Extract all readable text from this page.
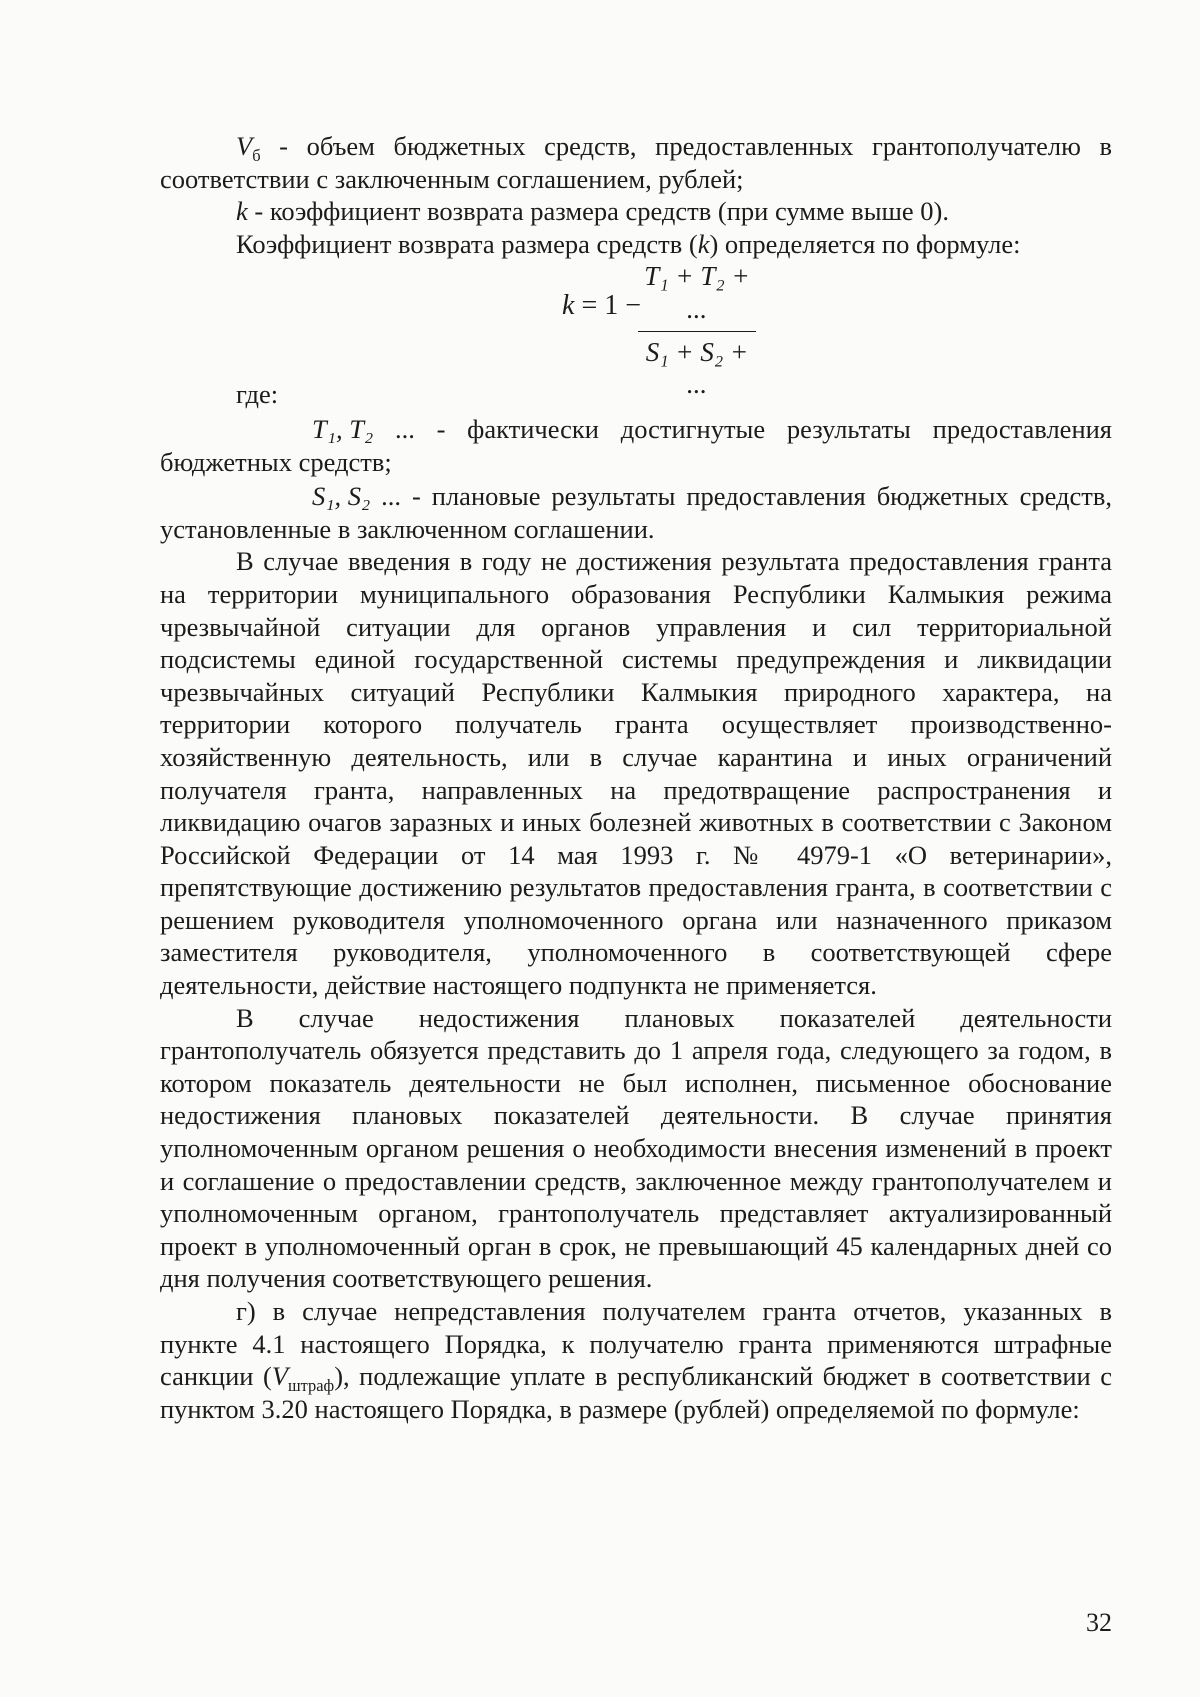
$V_б$ - объем бюджетных средств, предоставленных грантополучателю в соответствии с заключенным соглашением, рублей;

k - коэффициент возврата размера средств (при сумме выше 0).

Коэффициент возврата размера средств (k) определяется по формуле:

k = 1 −
T₁ + T₂ + ...
S₁ + S₂ + ...

где:

T₁, T₂ ... - фактически достигнутые результаты предоставления бюджетных средств;

S₁, S₂ ... - плановые результаты предоставления бюджетных средств, установленные в заключенном соглашении.

В случае введения в году не достижения результата предоставления гранта на территории муниципального образования Республики Калмыкия режима чрезвычайной ситуации для органов управления и сил территориальной подсистемы единой государственной системы предупреждения и ликвидации чрезвычайных ситуаций Республики Калмыкия природного характера, на территории которого получатель гранта осуществляет производственно-хозяйственную деятельность, или в случае карантина и иных ограничений получателя гранта, направленных на предотвращение распространения и ликвидацию очагов заразных и иных болезней животных в соответствии с Законом Российской Федерации от 14 мая 1993 г. № 4979-1 «О ветеринарии», препятствующие достижению результатов предоставления гранта, в соответствии с решением руководителя уполномоченного органа или назначенного приказом заместителя руководителя, уполномоченного в соответствующей сфере деятельности, действие настоящего подпункта не применяется.

В случае недостижения плановых показателей деятельности грантополучатель обязуется представить до 1 апреля года, следующего за годом, в котором показатель деятельности не был исполнен, письменное обоснование недостижения плановых показателей деятельности. В случае принятия уполномоченным органом решения о необходимости внесения изменений в проект и соглашение о предоставлении средств, заключенное между грантополучателем и уполномоченным органом, грантополучатель представляет актуализированный проект в уполномоченный орган в срок, не превышающий 45 календарных дней со дня получения соответствующего решения.

г) в случае непредставления получателем гранта отчетов, указанных в пункте 4.1 настоящего Порядка, к получателю гранта применяются штрафные санкции $(V_{штраф})$, подлежащие уплате в республиканский бюджет в соответствии с пунктом 3.20 настоящего Порядка, в размере (рублей) определяемой по формуле:

32
